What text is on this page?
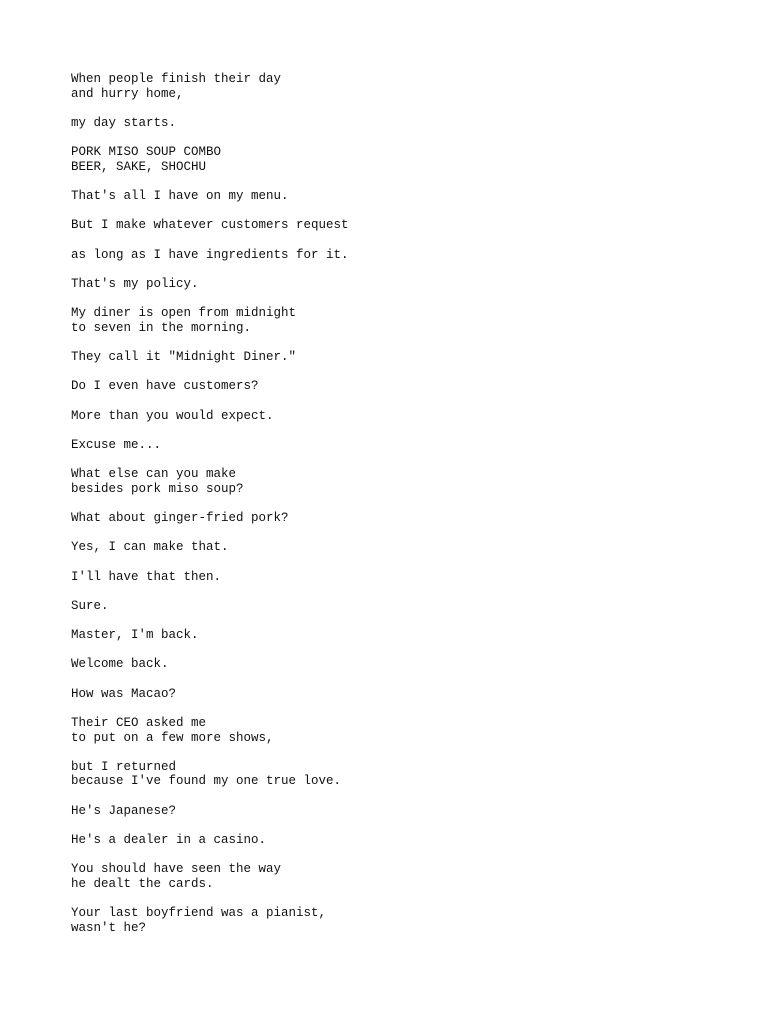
When people finish their day
and hurry home,
my day starts.
PORK MISO SOUP COMBO
BEER, SAKE, SHOCHU
That's all I have on my menu.
But I make whatever customers request
as long as I have ingredients for it.
That's my policy.
My diner is open from midnight
to seven in the morning.
They call it "Midnight Diner."
Do I even have customers?
More than you would expect.
Excuse me...
What else can you make
besides pork miso soup?
What about ginger-fried pork?
Yes, I can make that.
I'll have that then.
Sure.
Master, I'm back.
Welcome back.
How was Macao?
Their CEO asked me
to put on a few more shows,
but I returned
because I've found my one true love.
He's Japanese?
He's a dealer in a casino.
You should have seen the way
he dealt the cards.
Your last boyfriend was a pianist,
wasn't he?
